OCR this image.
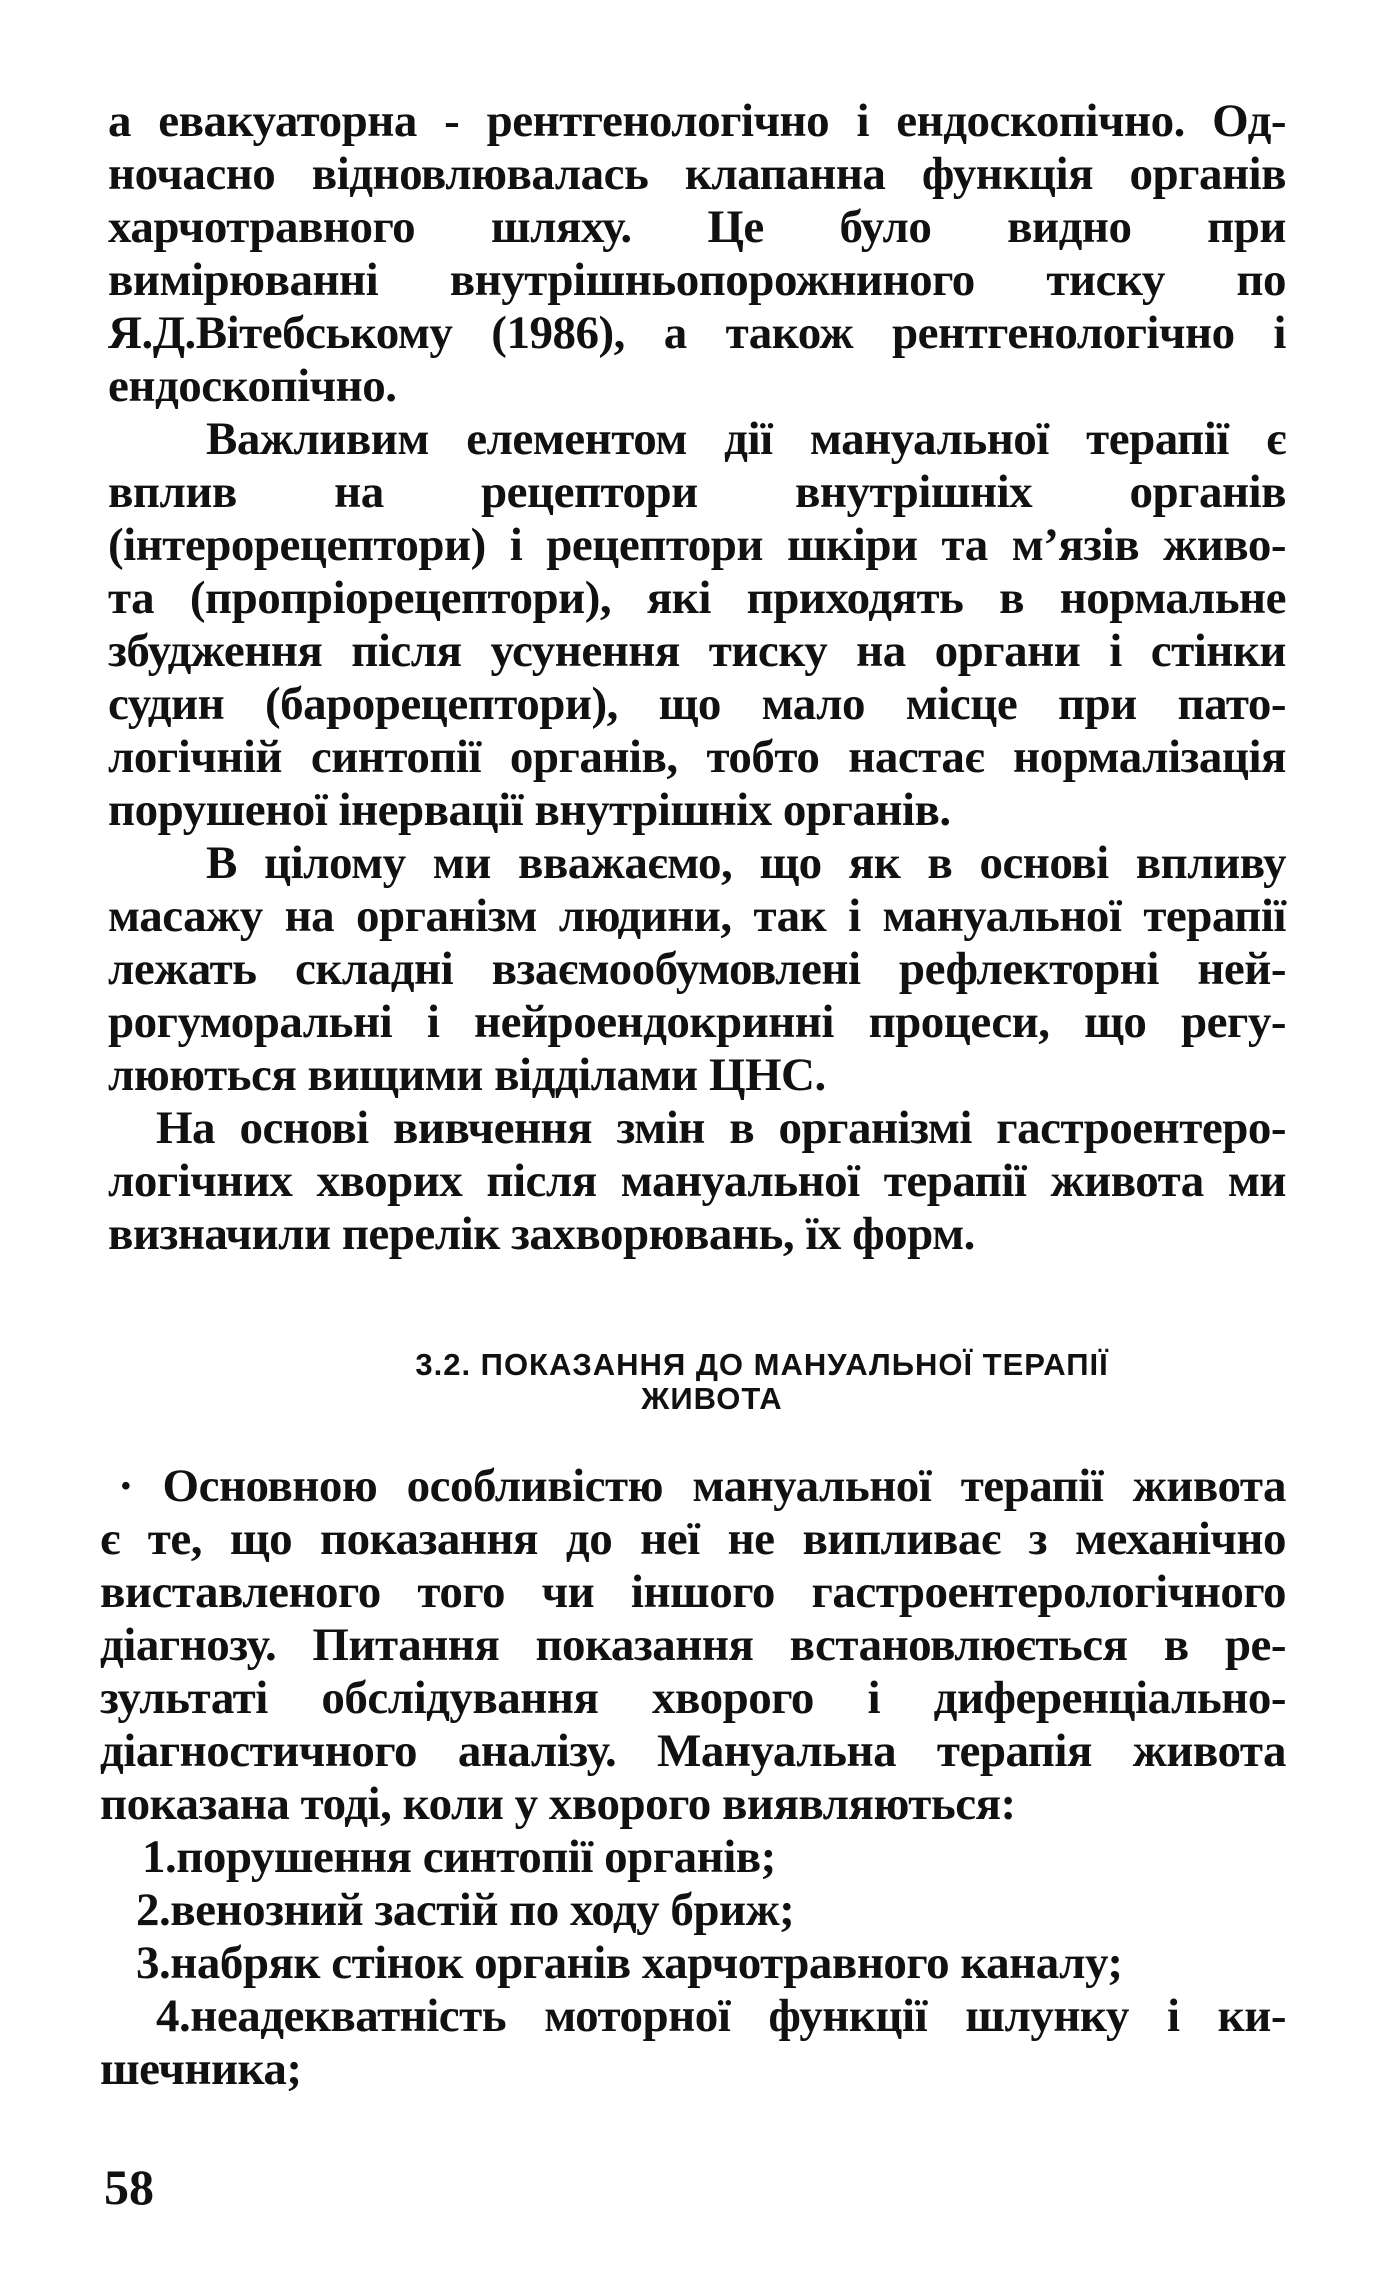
а евакуаторна - рентгенологічно і ендоскопічно. Од-
ночасно відновлювалась клапанна функція органів
харчотравного шляху. Це було видно при
вимірюванні внутрішньопорожниного тиску по
Я.Д.Вітебському (1986), а також рентгенологічно і
ендоскопічно.
Важливим елементом дії мануальної терапії є
вплив на рецептори внутрішніх органів
(інтерорецептори) і рецептори шкіри та м’язів живо-
та (пропріорецептори), які приходять в нормальне
збудження після усунення тиску на органи і стінки
судин (барорецептори), що мало місце при пато-
логічній синтопії органів, тобто настає нормалізація
порушеної інервації внутрішніх органів.
В цілому ми вважаємо, що як в основі впливу
масажу на організм людини, так і мануальної терапії
лежать складні взаємообумовлені рефлекторні ней-
рогуморальні і нейроендокринні процеси, що регу-
люються вищими відділами ЦНС.
На основі вивчення змін в організмі гастроентеро-
логічних хворих після мануальної терапії живота ми
визначили перелік захворювань, їх форм.
3.2. ПОКАЗАННЯ ДО МАНУАЛЬНОЇ ТЕРАПІЇ
ЖИВОТА
· Основною особливістю мануальної терапії живота
є те, що показання до неї не випливає з механічно
виставленого того чи іншого гастроентерологічного
діагнозу. Питання показання встановлюється в ре-
зультаті обслідування хворого і диференціально-
діагностичного аналізу. Мануальна терапія живота
показана тоді, коли у хворого виявляються:
1.порушення синтопії органів;
2.венозний застій по ходу бриж;
3.набряк стінок органів харчотравного каналу;
4.неадекватність моторної функції шлунку і ки-
шечника;
58
